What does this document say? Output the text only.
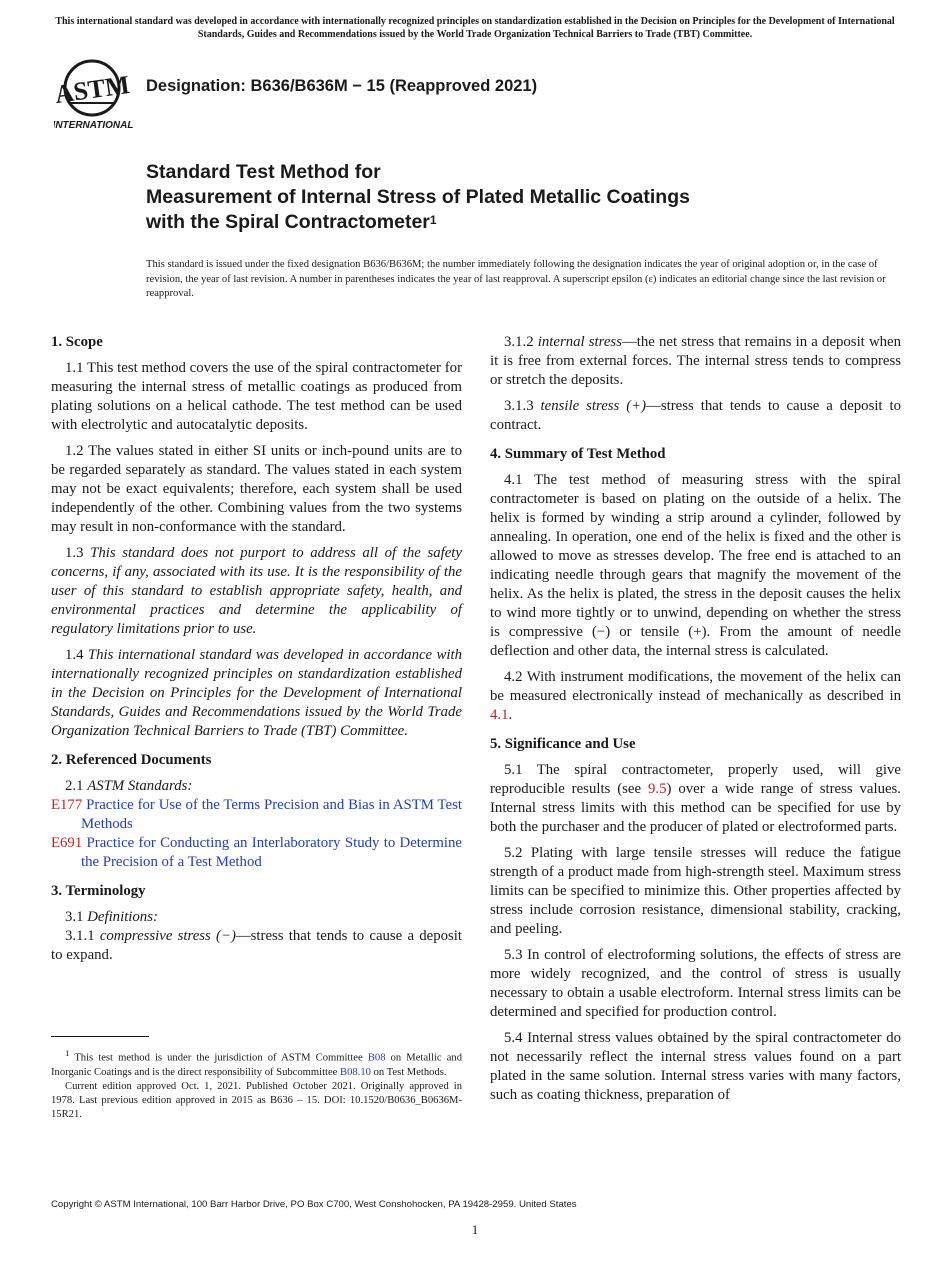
This international standard was developed in accordance with internationally recognized principles on standardization established in the Decision on Principles for the Development of International Standards, Guides and Recommendations issued by the World Trade Organization Technical Barriers to Trade (TBT) Committee.
ASTM
INTERNATIONAL
Designation: B636/B636M − 15 (Reapproved 2021)
Standard Test Method for
Measurement of Internal Stress of Plated Metallic Coatings
with the Spiral Contractometer$^1$
This standard is issued under the fixed designation B636/B636M; the number immediately following the designation indicates the year of original adoption or, in the case of revision, the year of last revision. A number in parentheses indicates the year of last reapproval. A superscript epsilon (ε) indicates an editorial change since the last revision or reapproval.
1. Scope

1.1 This test method covers the use of the spiral contractometer for measuring the internal stress of metallic coatings as produced from plating solutions on a helical cathode. The test method can be used with electrolytic and autocatalytic deposits.

1.2 The values stated in either SI units or inch-pound units are to be regarded separately as standard. The values stated in each system may not be exact equivalents; therefore, each system shall be used independently of the other. Combining values from the two systems may result in non-conformance with the standard.

1.3 This standard does not purport to address all of the safety concerns, if any, associated with its use. It is the responsibility of the user of this standard to establish appropriate safety, health, and environmental practices and determine the applicability of regulatory limitations prior to use.

1.4 This international standard was developed in accordance with internationally recognized principles on standardization established in the Decision on Principles for the Development of International Standards, Guides and Recommendations issued by the World Trade Organization Technical Barriers to Trade (TBT) Committee.

2. Referenced Documents

2.1 ASTM Standards:

E177 Practice for Use of the Terms Precision and Bias in ASTM Test Methods

E691 Practice for Conducting an Interlaboratory Study to Determine the Precision of a Test Method

3. Terminology

3.1 Definitions:

3.1.1 compressive stress (−)—stress that tends to cause a deposit to expand.

3.1.2 internal stress—the net stress that remains in a deposit when it is free from external forces. The internal stress tends to compress or stretch the deposits.

3.1.3 tensile stress (+)—stress that tends to cause a deposit to contract.

4. Summary of Test Method

4.1 The test method of measuring stress with the spiral contractometer is based on plating on the outside of a helix. The helix is formed by winding a strip around a cylinder, followed by annealing. In operation, one end of the helix is fixed and the other is allowed to move as stresses develop. The free end is attached to an indicating needle through gears that magnify the movement of the helix. As the helix is plated, the stress in the deposit causes the helix to wind more tightly or to unwind, depending on whether the stress is compressive (−) or tensile (+). From the amount of needle deflection and other data, the internal stress is calculated.

4.2 With instrument modifications, the movement of the helix can be measured electronically instead of mechanically as described in 4.1.

5. Significance and Use

5.1 The spiral contractometer, properly used, will give reproducible results (see 9.5) over a wide range of stress values. Internal stress limits with this method can be specified for use by both the purchaser and the producer of plated or electroformed parts.

5.2 Plating with large tensile stresses will reduce the fatigue strength of a product made from high-strength steel. Maximum stress limits can be specified to minimize this. Other properties affected by stress include corrosion resistance, dimensional stability, cracking, and peeling.

5.3 In control of electroforming solutions, the effects of stress are more widely recognized, and the control of stress is usually necessary to obtain a usable electroform. Internal stress limits can be determined and specified for production control.

5.4 Internal stress values obtained by the spiral contractometer do not necessarily reflect the internal stress values found on a part plated in the same solution. Internal stress varies with many factors, such as coating thickness, preparation of

$^1$ This test method is under the jurisdiction of ASTM Committee B08 on Metallic and Inorganic Coatings and is the direct responsibility of Subcommittee B08.10 on Test Methods.

Current edition approved Oct. 1, 2021. Published October 2021. Originally approved in 1978. Last previous edition approved in 2015 as B636 – 15. DOI: 10.1520/B0636_B0636M-15R21.

Copyright © ASTM International, 100 Barr Harbor Drive, PO Box C700, West Conshohocken, PA 19428-2959. United States
1
